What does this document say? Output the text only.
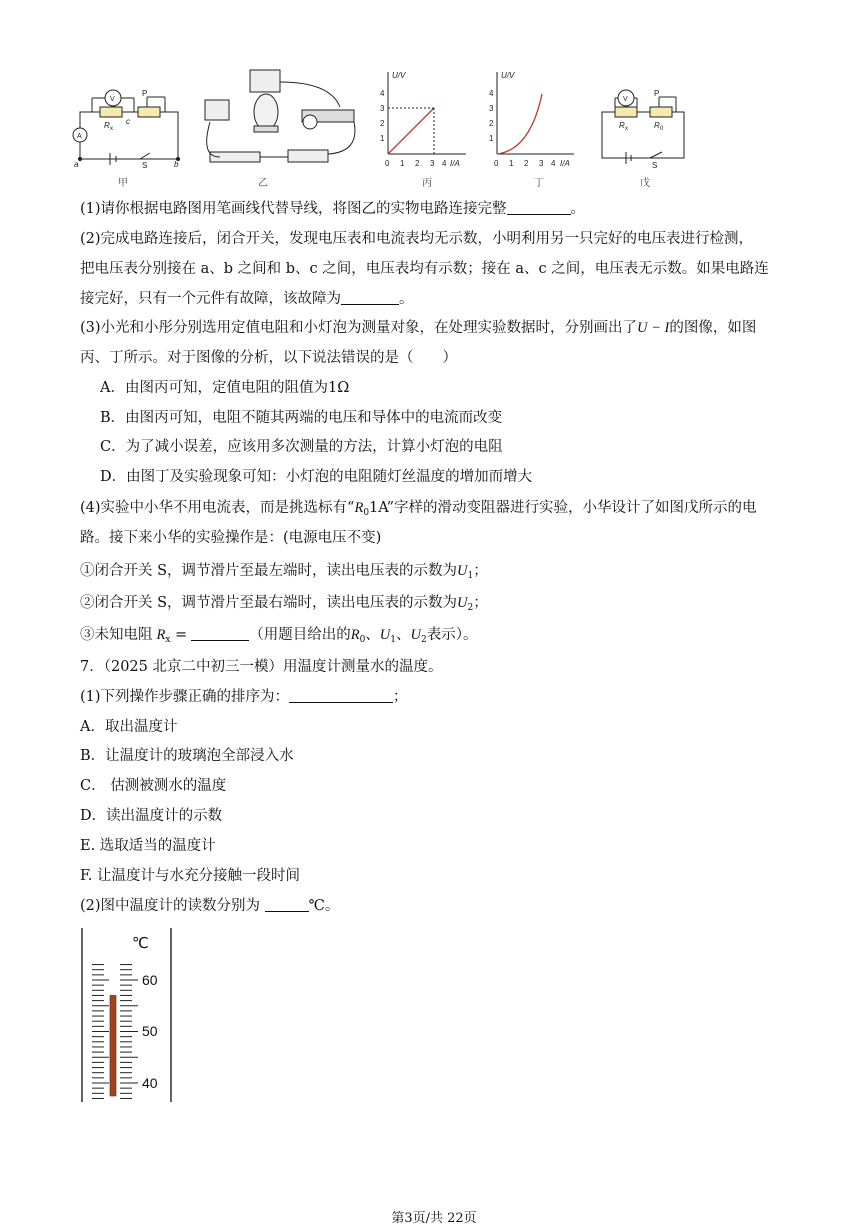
V
A
R x
P
c
a	b
S
U/V
I/A
1
2
3
4
0 1 2 3 4
U/V
I/A
1
2
3
4
0 1 2 3 4
V
P
R x	R 0
S
甲	乙	丙	丁	戊
(1)请你根据电路图用笔画线代替导线，将图乙的实物电路连接完整	。
(2)完成电路连接后，闭合开关，发现电压表和电流表均无示数，小明利用另一只完好的电压表进行检测，
把电压表分别接在 a、b 之间和 b、c 之间，电压表均有示数；接在 a、c 之间，电压表无示数。如果电路连
接完好，只有一个元件有故障，该故障为	。
(3)小光和小彤分别选用定值电阻和小灯泡为测量对象，在处理实验数据时，分别画出了U − I的图像，如图
丙、丁所示。对于图像的分析，以下说法错误的是（　　）
A．由图丙可知，定值电阻的阻值为1Ω
B．由图丙可知，电阻不随其两端的电压和导体中的电流而改变
C．为了减小误差，应该用多次测量的方法，计算小灯泡的电阻
D．由图丁及实验现象可知：小灯泡的电阻随灯丝温度的增加而增大
(4)实验中小华不用电流表，而是挑选标有“$R_01A$”字样的滑动变阻器进行实验，小华设计了如图戊所示的电
路。接下来小华的实验操作是：(电源电压不变)
①闭合开关 S，调节滑片至最左端时，读出电压表的示数为$U_1$；
②闭合开关 S，调节滑片至最右端时，读出电压表的示数为$U_2$；
③未知电阻 $R_x$ =	（用题目给出的$R_0$、$U_1$、$U_2$表示）。
7．（2025 北京二中初三一模）用温度计测量水的温度。
(1)下列操作步骤正确的排序为：	；
A．取出温度计
B．让温度计的玻璃泡全部浸入水
C． 估测被测水的温度
D．读出温度计的示数
E. 选取适当的温度计
F. 让温度计与水充分接触一段时间
(2)图中温度计的读数分别为	℃。
℃
60
50
40
第3页/共 22页
